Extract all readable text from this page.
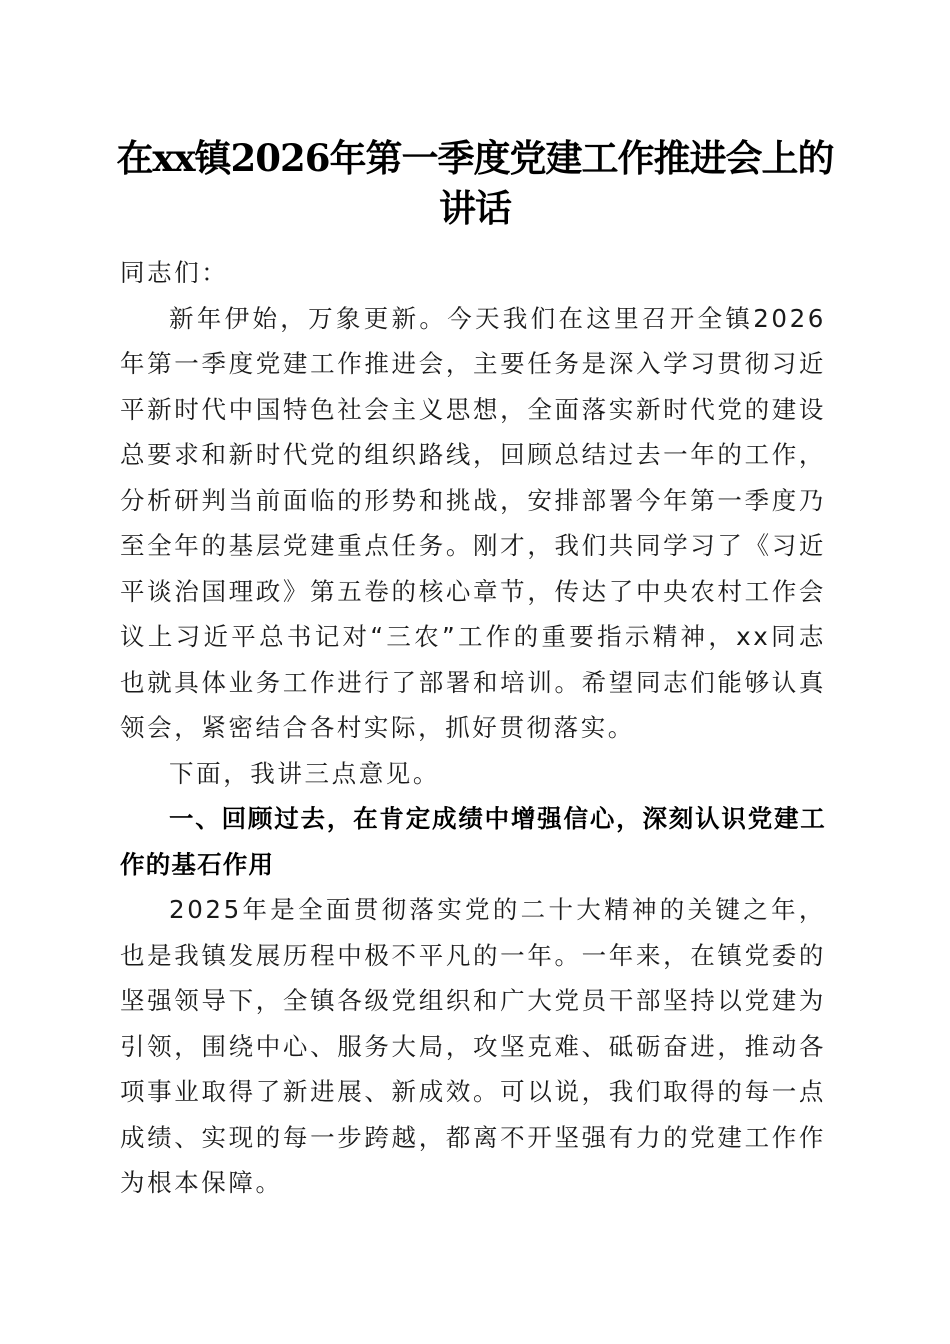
在xx镇2026年第一季度党建工作推进会上的讲话

同志们：

新年伊始，万象更新。今天我们在这里召开全镇2026年第一季度党建工作推进会，主要任务是深入学习贯彻习近平新时代中国特色社会主义思想，全面落实新时代党的建设总要求和新时代党的组织路线，回顾总结过去一年的工作，分析研判当前面临的形势和挑战，安排部署今年第一季度乃至全年的基层党建重点任务。刚才，我们共同学习了《习近平谈治国理政》第五卷的核心章节，传达了中央农村工作会议上习近平总书记对“三农”工作的重要指示精神，xx同志也就具体业务工作进行了部署和培训。希望同志们能够认真领会，紧密结合各村实际，抓好贯彻落实。

下面，我讲三点意见。

一、回顾过去，在肯定成绩中增强信心，深刻认识党建工作的基石作用

2025年是全面贯彻落实党的二十大精神的关键之年，也是我镇发展历程中极不平凡的一年。一年来，在镇党委的坚强领导下，全镇各级党组织和广大党员干部坚持以党建为引领，围绕中心、服务大局，攻坚克难、砥砺奋进，推动各项事业取得了新进展、新成效。可以说，我们取得的每一点成绩、实现的每一步跨越，都离不开坚强有力的党建工作作为根本保障。
